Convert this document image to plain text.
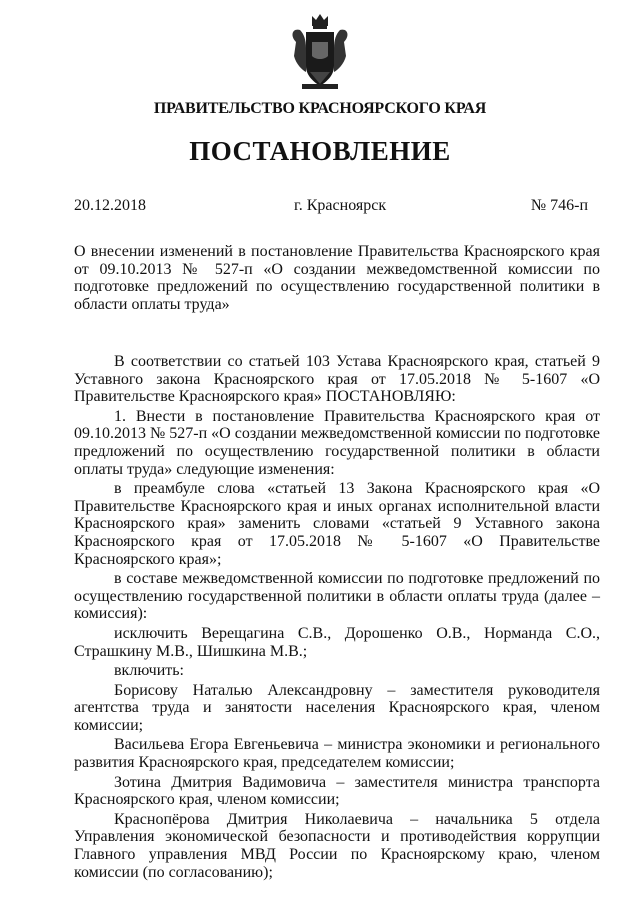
ПРАВИТЕЛЬСТВО КРАСНОЯРСКОГО КРАЯ
ПОСТАНОВЛЕНИЕ
20.12.2018	г. Красноярск	№ 746-п

О внесении изменений в постановление Правительства Красноярского края от 09.10.2013 № 527-п «О создании межведомственной комиссии по подготовке предложений по осуществлению государственной политики в области оплаты труда»

В соответствии со статьей 103 Устава Красноярского края, статьей 9 Уставного закона Красноярского края от 17.05.2018 № 5-1607 «О Правительстве Красноярского края» ПОСТАНОВЛЯЮ:

1. Внести в постановление Правительства Красноярского края от 09.10.2013 № 527-п «О создании межведомственной комиссии по подготовке предложений по осуществлению государственной политики в области оплаты труда» следующие изменения:

в преамбуле слова «статьей 13 Закона Красноярского края «О Правительстве Красноярского края и иных органах исполнительной власти Красноярского края» заменить словами «статьей 9 Уставного закона Красноярского края от 17.05.2018 № 5-1607 «О Правительстве Красноярского края»;

в составе межведомственной комиссии по подготовке предложений по осуществлению государственной политики в области оплаты труда (далее – комиссия):

исключить Верещагина С.В., Дорошенко О.В., Норманда С.О., Страшкину М.В., Шишкина М.В.;

включить:

Борисову Наталью Александровну – заместителя руководителя агентства труда и занятости населения Красноярского края, членом комиссии;

Васильева Егора Евгеньевича – министра экономики и регионального развития Красноярского края, председателем комиссии;

Зотина Дмитрия Вадимовича – заместителя министра транспорта Красноярского края, членом комиссии;

Краснопёрова Дмитрия Николаевича – начальника 5 отдела Управления экономической безопасности и противодействия коррупции Главного управления МВД России по Красноярскому краю, членом комиссии (по согласованию);
